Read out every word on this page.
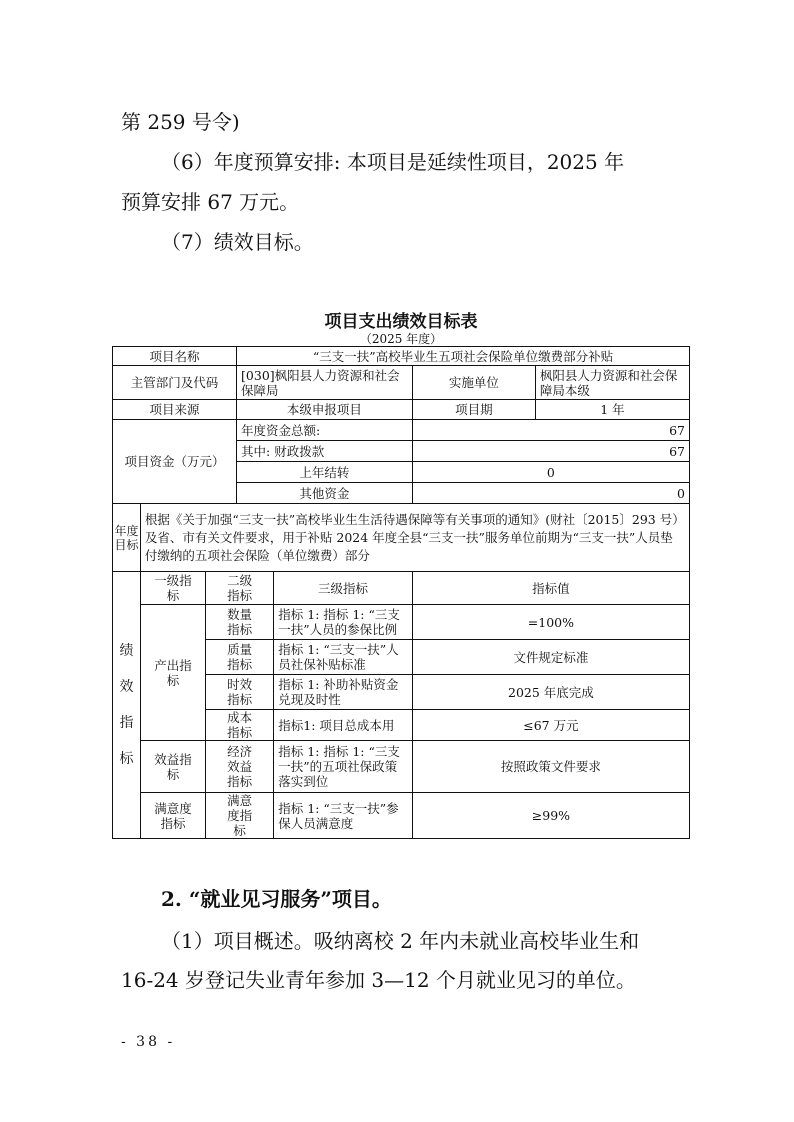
第 259 号令)
（6）年度预算安排: 本项目是延续性项目，2025 年
预算安排 67 万元。
（7）绩效目标。
项目支出绩效目标表
（2025 年度）
项目名称			“三支一扶”高校毕业生五项社会保险单位缴费部分补贴			
主管部门及代码			[030]枫阳县人力资源和社会保障局		实施单位	枫阳县人力资源和社会保障局本级
项目来源			本级申报项目		项目期	1 年
项目资金（万元）			年度资金总额:		67	
			其中: 财政拨款		67	
			上年结转		0	
			其他资金		0	
年度目标	根据《关于加强“三支一扶”高校毕业生生活待遇保障等有关事项的通知》(财社〔2015〕293 号）及省、市有关文件要求，用于补贴 2024 年度全县“三支一扶”服务单位前期为“三支一扶”人员垫付缴纳的五项社会保险（单位缴费）部分					
绩效指标	一级指标	二级指标		三级指标	指标值	
	产出指标	数量指标		指标 1: 指标 1: “三支一扶”人员的参保比例	=100%	
		质量指标		指标 1: “三支一扶”人员社保补贴标准	文件规定标准	
		时效指标		指标 1: 补助补贴资金兑现及时性	2025 年底完成	
		成本指标		指标1: 项目总成本用	≤67 万元	
	效益指标	经济效益指标		指标 1: 指标 1: “三支一扶”的五项社保政策落实到位	按照政策文件要求	
	满意度指标	满意度指标		指标 1: “三支一扶”参保人员满意度	≥99%	
2. “就业见习服务”项目。
（1）项目概述。吸纳离校 2 年内未就业高校毕业生和
16-24 岁登记失业青年参加 3—12 个月就业见习的单位。
- 38 -
